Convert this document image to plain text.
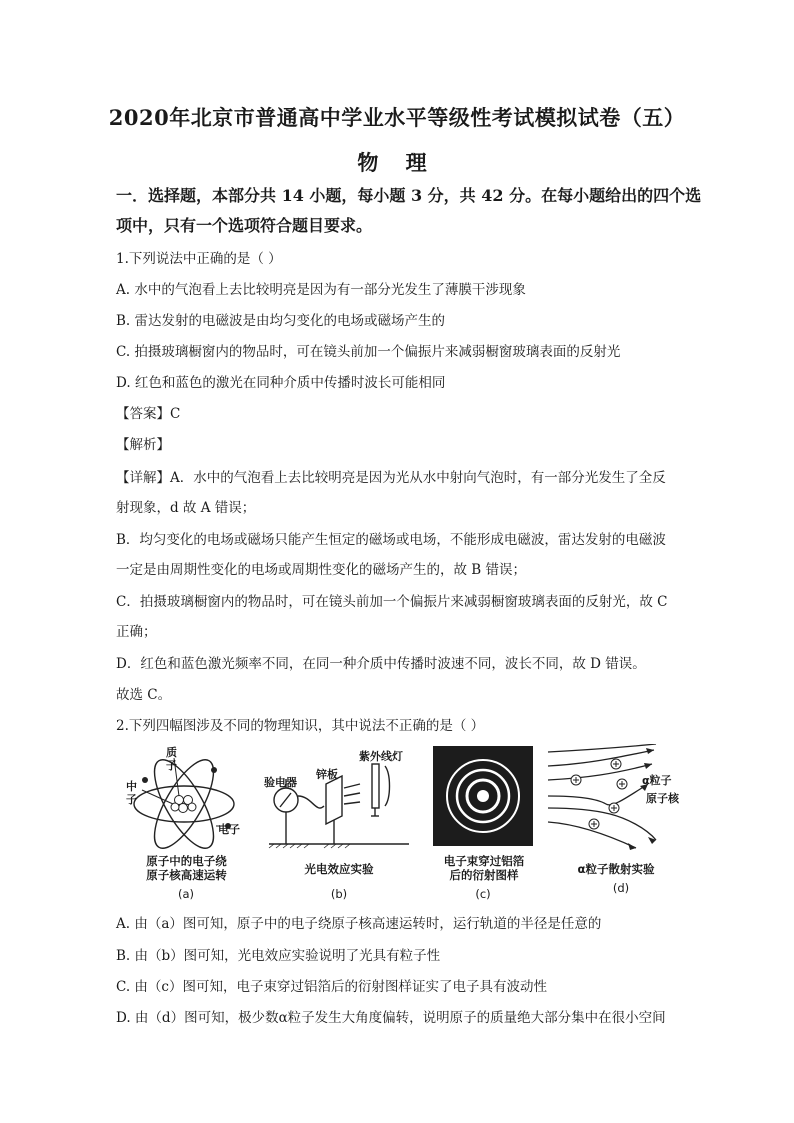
2020年北京市普通高中学业水平等级性考试模拟试卷（五）
物 理
一．选择题，本部分共 14 小题，每小题 3 分，共 42 分。在每小题给出的四个选
项中，只有一个选项符合题目要求。
1.下列说法中正确的是（ ）
A. 水中的气泡看上去比较明亮是因为有一部分光发生了薄膜干涉现象
B. 雷达发射的电磁波是由均匀变化的电场或磁场产生的
C. 拍摄玻璃橱窗内的物品时，可在镜头前加一个偏振片来减弱橱窗玻璃表面的反射光
D. 红色和蓝色的激光在同种介质中传播时波长可能相同
【答案】C
【解析】
【详解】A．水中的气泡看上去比较明亮是因为光从水中射向气泡时，有一部分光发生了全反
射现象，d 故 A 错误；
B．均匀变化的电场或磁场只能产生恒定的磁场或电场，不能形成电磁波，雷达发射的电磁波
一定是由周期性变化的电场或周期性变化的磁场产生的，故 B 错误；
C．拍摄玻璃橱窗内的物品时，可在镜头前加一个偏振片来减弱橱窗玻璃表面的反射光，故 C
正确；
D．红色和蓝色激光频率不同，在同一种介质中传播时波速不同，波长不同，故 D 错误。
故选 C。
2.下列四幅图涉及不同的物理知识，其中说法不正确的是（ ）
质子
中子
电子
原子中的电子绕
原子核高速运转
(a)
验电器
锌板
紫外线灯
光电效应实验
(b)
电子束穿过铝箔
后的衍射图样
(c)
α粒子
原子核
α粒子散射实验
(d)
A. 由（a）图可知，原子中的电子绕原子核高速运转时，运行轨道的半径是任意的
B. 由（b）图可知，光电效应实验说明了光具有粒子性
C. 由（c）图可知，电子束穿过铝箔后的衍射图样证实了电子具有波动性
D. 由（d）图可知，极少数α粒子发生大角度偏转，说明原子的质量绝大部分集中在很小空间
